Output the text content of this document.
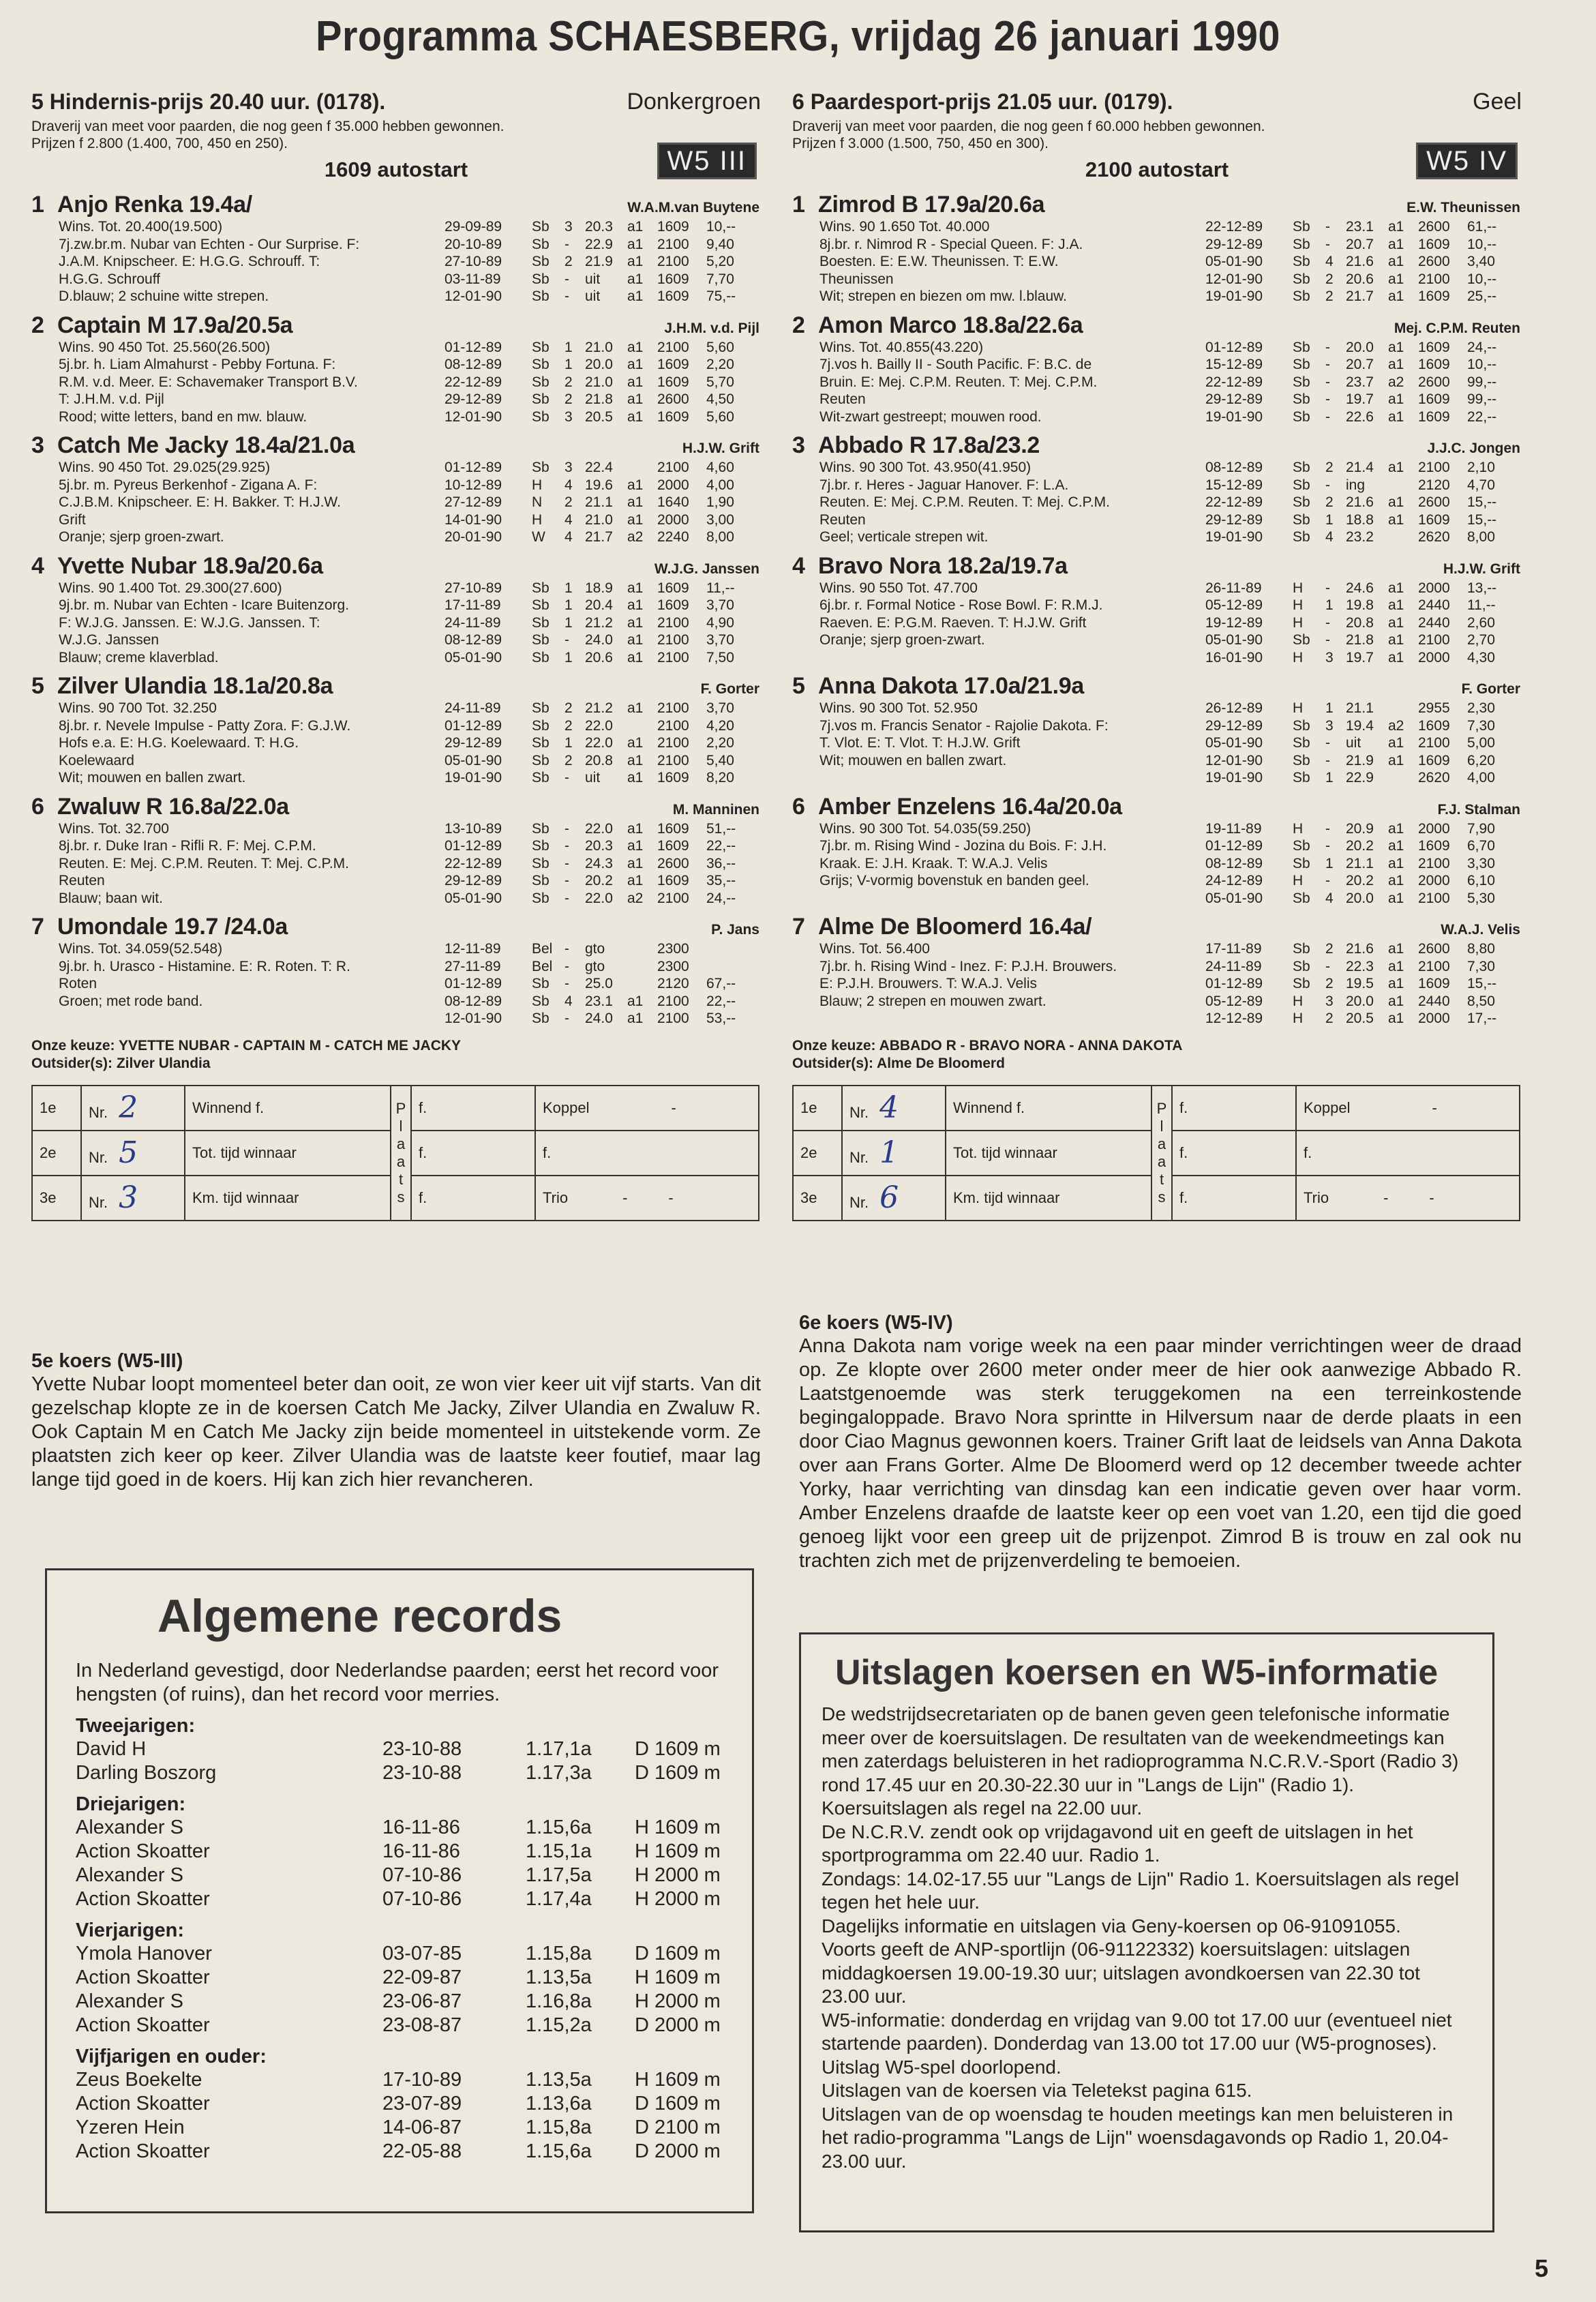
Programma SCHAESBERG, vrijdag 26 januari 1990
5 Hindernis-prijs 20.40 uur. (0178).	Donkergroen
Draverij van meet voor paarden, die nog geen f 35.000 hebben gewonnen.
Prijzen f 2.800 (1.400, 700, 450 en 250).
1609 autostart	W5 III
1 Anjo Renka 19.4a/	W.A.M.van Buytene
Wins. Tot. 20.400(19.500)
7j.zw.br.m. Nubar van Echten - Our Surprise. F:
J.A.M. Knipscheer. E: H.G.G. Schrouff. T:
H.G.G. Schrouff
D.blauw; 2 schuine witte strepen.
29-09-89	Sb	3 20.3	a1 1609	10,--
20-10-89	Sb	-	22.9	a1 2100	9,40
27-10-89	Sb	2 21.9	a1 2100	5,20
03-11-89	Sb	-	uit	a1 1609	7,70
12-01-90	Sb	-	uit	a1 1609	75,--
2 Captain M 17.9a/20.5a	J.H.M. v.d. Pijl
Wins. 90 450 Tot. 25.560(26.500)
5j.br. h. Liam Almahurst - Pebby Fortuna. F:
R.M. v.d. Meer. E: Schavemaker Transport B.V.
T: J.H.M. v.d. Pijl
Rood; witte letters, band en mw. blauw.
01-12-89	Sb	1 21.0	a1 2100	5,60
08-12-89	Sb	1 20.0	a1 1609	2,20
22-12-89	Sb	2 21.0	a1 1609	5,70
29-12-89	Sb	2 21.8	a1 2600	4,50
12-01-90	Sb	3 20.5	a1 1609	5,60
3 Catch Me Jacky 18.4a/21.0a	H.J.W. Grift
Wins. 90 450 Tot. 29.025(29.925)
5j.br. m. Pyreus Berkenhof - Zigana A. F:
C.J.B.M. Knipscheer. E: H. Bakker. T: H.J.W.
Grift
Oranje; sjerp groen-zwart.
01-12-89	Sb	3 22.4	2100	4,60
10-12-89	H	4 19.6	a1 2000	4,00
27-12-89	N	2 21.1	a1 1640	1,90
14-01-90	H	4 21.0	a1 2000	3,00
20-01-90	W	4 21.7	a2 2240	8,00
4 Yvette Nubar 18.9a/20.6a	W.J.G. Janssen
Wins. 90 1.400 Tot. 29.300(27.600)
9j.br. m. Nubar van Echten - Icare Buitenzorg.
F: W.J.G. Janssen. E: W.J.G. Janssen. T:
W.J.G. Janssen
Blauw; creme klaverblad.
27-10-89	Sb	1 18.9	a1 1609	11,--
17-11-89	Sb	1 20.4	a1 1609	3,70
24-11-89	Sb	1 21.2	a1 2100	4,90
08-12-89	Sb	-	24.0	a1 2100	3,70
05-01-90	Sb	1 20.6	a1 2100	7,50
5 Zilver Ulandia 18.1a/20.8a	F. Gorter
Wins. 90 700 Tot. 32.250
8j.br. r. Nevele Impulse - Patty Zora. F: G.J.W.
Hofs e.a. E: H.G. Koelewaard. T: H.G.
Koelewaard
Wit; mouwen en ballen zwart.
24-11-89	Sb	2 21.2	a1 2100	3,70
01-12-89	Sb	2 22.0	2100	4,20
29-12-89	Sb	1 22.0	a1 2100	2,20
05-01-90	Sb	2 20.8	a1 2100	5,40
19-01-90	Sb	-	uit	a1 1609	8,20
6 Zwaluw R 16.8a/22.0a	M. Manninen
Wins. Tot. 32.700
8j.br. r. Duke Iran - Rifli R. F: Mej. C.P.M.
Reuten. E: Mej. C.P.M. Reuten. T: Mej. C.P.M.
Reuten
Blauw; baan wit.
13-10-89	Sb	-	22.0	a1 1609	51,--
01-12-89	Sb	-	20.3	a1 1609	22,--
22-12-89	Sb	-	24.3	a1 2600	36,--
29-12-89	Sb	-	20.2	a1 1609	35,--
05-01-90	Sb	-	22.0	a2 2100	24,--
7 Umondale 19.7 /24.0a	P. Jans
Wins. Tot. 34.059(52.548)
9j.br. h. Urasco - Histamine. E: R. Roten. T: R.
Roten
Groen; met rode band.
12-11-89	Bel -	gto	2300
27-11-89	Bel -	gto	2300
01-12-89	Sb	-	25.0	2120	67,--
08-12-89	Sb	4 23.1	a1 2100	22,--
12-01-90	Sb	-	24.0	a1 2100	53,--
Onze keuze: YVETTE NUBAR - CAPTAIN M - CATCH ME JACKY
Outsider(s): Zilver Ulandia
1e	Nr. 2	Winnend f.	P l a a t s	f.	Koppel -
2e	Nr. 5	Tot. tijd winnaar		f.	f.
3e	Nr. 3	Km. tijd winnaar		f.	Trio - -
6 Paardesport-prijs 21.05 uur. (0179).	Geel
Draverij van meet voor paarden, die nog geen f 60.000 hebben gewonnen.
Prijzen f 3.000 (1.500, 750, 450 en 300).
2100 autostart	W5 IV
1 Zimrod B 17.9a/20.6a	E.W. Theunissen
Wins. 90 1.650 Tot. 40.000
8j.br. r. Nimrod R - Special Queen. F: J.A.
Boesten. E: E.W. Theunissen. T: E.W.
Theunissen
Wit; strepen en biezen om mw. l.blauw.
22-12-89	Sb	-	23.1	a1 2600	61,--
29-12-89	Sb	-	20.7	a1 1609	10,--
05-01-90	Sb	4 21.6	a1 2600	3,40
12-01-90	Sb	2 20.6	a1 2100	10,--
19-01-90	Sb	2 21.7	a1 1609	25,--
2 Amon Marco 18.8a/22.6a	Mej. C.P.M. Reuten
Wins. Tot. 40.855(43.220)
7j.vos h. Bailly II - South Pacific. F: B.C. de
Bruin. E: Mej. C.P.M. Reuten. T: Mej. C.P.M.
Reuten
Wit-zwart gestreept; mouwen rood.
01-12-89	Sb	-	20.0	a1 1609	24,--
15-12-89	Sb	-	20.7	a1 1609	10,--
22-12-89	Sb	-	23.7	a2 2600	99,--
29-12-89	Sb	-	19.7	a1 1609	99,--
19-01-90	Sb	-	22.6	a1 1609	22,--
3 Abbado R 17.8a/23.2	J.J.C. Jongen
Wins. 90 300 Tot. 43.950(41.950)
7j.br. r. Heres - Jaguar Hanover. F: L.A.
Reuten. E: Mej. C.P.M. Reuten. T: Mej. C.P.M.
Reuten
Geel; verticale strepen wit.
08-12-89	Sb	2 21.4	a1 2100	2,10
15-12-89	Sb	-	ing	2120	4,70
22-12-89	Sb	2 21.6	a1 2600	15,--
29-12-89	Sb	1 18.8	a1 1609	15,--
19-01-90	Sb	4 23.2	2620	8,00
4 Bravo Nora 18.2a/19.7a	H.J.W. Grift
Wins. 90 550 Tot. 47.700
6j.br. r. Formal Notice - Rose Bowl. F: R.M.J.
Raeven. E: P.G.M. Raeven. T: H.J.W. Grift
Oranje; sjerp groen-zwart.
26-11-89	H	-	24.6	a1 2000	13,--
05-12-89	H	1 19.8	a1 2440	11,--
19-12-89	H	-	20.8	a1 2440	2,60
05-01-90	Sb	-	21.8	a1 2100	2,70
16-01-90	H	3 19.7	a1 2000	4,30
5 Anna Dakota 17.0a/21.9a	F. Gorter
Wins. 90 300 Tot. 52.950
7j.vos m. Francis Senator - Rajolie Dakota. F:
T. Vlot. E: T. Vlot. T: H.J.W. Grift
Wit; mouwen en ballen zwart.
26-12-89	H	1 21.1	2955	2,30
29-12-89	Sb	3 19.4	a2 1609	7,30
05-01-90	Sb	-	uit	a1 2100	5,00
12-01-90	Sb	-	21.9	a1 1609	6,20
19-01-90	Sb	1 22.9	2620	4,00
6 Amber Enzelens 16.4a/20.0a	F.J. Stalman
Wins. 90 300 Tot. 54.035(59.250)
7j.br. m. Rising Wind - Jozina du Bois. F: J.H.
Kraak. E: J.H. Kraak. T: W.A.J. Velis
Grijs; V-vormig bovenstuk en banden geel.
19-11-89	H	-	20.9	a1 2000	7,90
01-12-89	Sb	-	20.2	a1 1609	6,70
08-12-89	Sb	1 21.1	a1 2100	3,30
24-12-89	H	-	20.2	a1 2000	6,10
05-01-90	Sb	4 20.0	a1 2100	5,30
7 Alme De Bloomerd 16.4a/	W.A.J. Velis
Wins. Tot. 56.400
7j.br. h. Rising Wind - Inez. F: P.J.H. Brouwers.
E: P.J.H. Brouwers. T: W.A.J. Velis
Blauw; 2 strepen en mouwen zwart.
17-11-89	Sb	2 21.6	a1 2600	8,80
24-11-89	Sb	-	22.3	a1 2100	7,30
01-12-89	Sb	2 19.5	a1 1609	15,--
05-12-89	H	3 20.0	a1 2440	8,50
12-12-89	H	2 20.5	a1 2000	17,--
Onze keuze: ABBADO R - BRAVO NORA - ANNA DAKOTA
Outsider(s): Alme De Bloomerd
1e	Nr. 4	Winnend f.	P l a a t s	f.	Koppel -
2e	Nr. 1	Tot. tijd winnaar		f.	f.
3e	Nr. 6	Km. tijd winnaar		f.	Trio - -
5e koers (W5-III)
Yvette Nubar loopt momenteel beter dan ooit, ze won vier keer uit vijf starts. Van dit gezelschap klopte ze in de koersen Catch Me Jacky, Zilver Ulandia en Zwaluw R. Ook Captain M en Catch Me Jacky zijn beide momenteel in uitstekende vorm. Ze plaatsten zich keer op keer. Zilver Ulandia was de laatste keer foutief, maar lag lange tijd goed in de koers. Hij kan zich hier revancheren.
6e koers (W5-IV)
Anna Dakota nam vorige week na een paar minder verrichtingen weer de draad op. Ze klopte over 2600 meter onder meer de hier ook aanwezige Abbado R. Laatstgenoemde was sterk teruggekomen na een terreinkostende begingaloppade. Bravo Nora sprintte in Hilversum naar de derde plaats in een door Ciao Magnus gewonnen koers. Trainer Grift laat de leidsels van Anna Dakota over aan Frans Gorter. Alme De Bloomerd werd op 12 december tweede achter Yorky, haar verrichting van dinsdag kan een indicatie geven over haar vorm. Amber Enzelens draafde de laatste keer op een voet van 1.20, een tijd die goed genoeg lijkt voor een greep uit de prijzenpot. Zimrod B is trouw en zal ook nu trachten zich met de prijzenverdeling te bemoeien.
Algemene records
In Nederland gevestigd, door Nederlandse paarden; eerst het record voor hengsten (of ruins), dan het record voor merries.
Tweejarigen:
David H	23-10-88	1.17,1a	D 1609 m
Darling Boszorg	23-10-88	1.17,3a	D 1609 m
Driejarigen:
Alexander S	16-11-86	1.15,6a	H 1609 m
Action Skoatter	16-11-86	1.15,1a	H 1609 m
Alexander S	07-10-86	1.17,5a	H 2000 m
Action Skoatter	07-10-86	1.17,4a	H 2000 m
Vierjarigen:
Ymola Hanover	03-07-85	1.15,8a	D 1609 m
Action Skoatter	22-09-87	1.13,5a	H 1609 m
Alexander S	23-06-87	1.16,8a	H 2000 m
Action Skoatter	23-08-87	1.15,2a	D 2000 m
Vijfjarigen en ouder:
Zeus Boekelte	17-10-89	1.13,5a	H 1609 m
Action Skoatter	23-07-89	1.13,6a	D 1609 m
Yzeren Hein	14-06-87	1.15,8a	D 2100 m
Action Skoatter	22-05-88	1.15,6a	D 2000 m
Uitslagen koersen en W5-informatie
De wedstrijdsecretariaten op de banen geven geen telefonische informatie meer over de koersuitslagen. De resultaten van de weekendmeetings kan men zaterdags beluisteren in het radioprogramma N.C.R.V.-Sport (Radio 3) rond 17.45 uur en 20.30-22.30 uur in "Langs de Lijn" (Radio 1).
Koersuitslagen als regel na 22.00 uur.
De N.C.R.V. zendt ook op vrijdagavond uit en geeft de uitslagen in het sportprogramma om 22.40 uur. Radio 1.
Zondags: 14.02-17.55 uur "Langs de Lijn" Radio 1. Koersuitslagen als regel tegen het hele uur.
Dagelijks informatie en uitslagen via Geny-koersen op 06-91091055.
Voorts geeft de ANP-sportlijn (06-91122332) koersuitslagen: uitslagen middagkoersen 19.00-19.30 uur; uitslagen avondkoersen van 22.30 tot 23.00 uur.
W5-informatie: donderdag en vrijdag van 9.00 tot 17.00 uur (eventueel niet startende paarden). Donderdag van 13.00 tot 17.00 uur (W5-prognoses). Uitslag W5-spel doorlopend.
Uitslagen van de koersen via Teletekst pagina 615.
Uitslagen van de op woensdag te houden meetings kan men beluisteren in het radio-programma "Langs de Lijn" woensdagavonds op Radio 1, 20.04-23.00 uur.
5
